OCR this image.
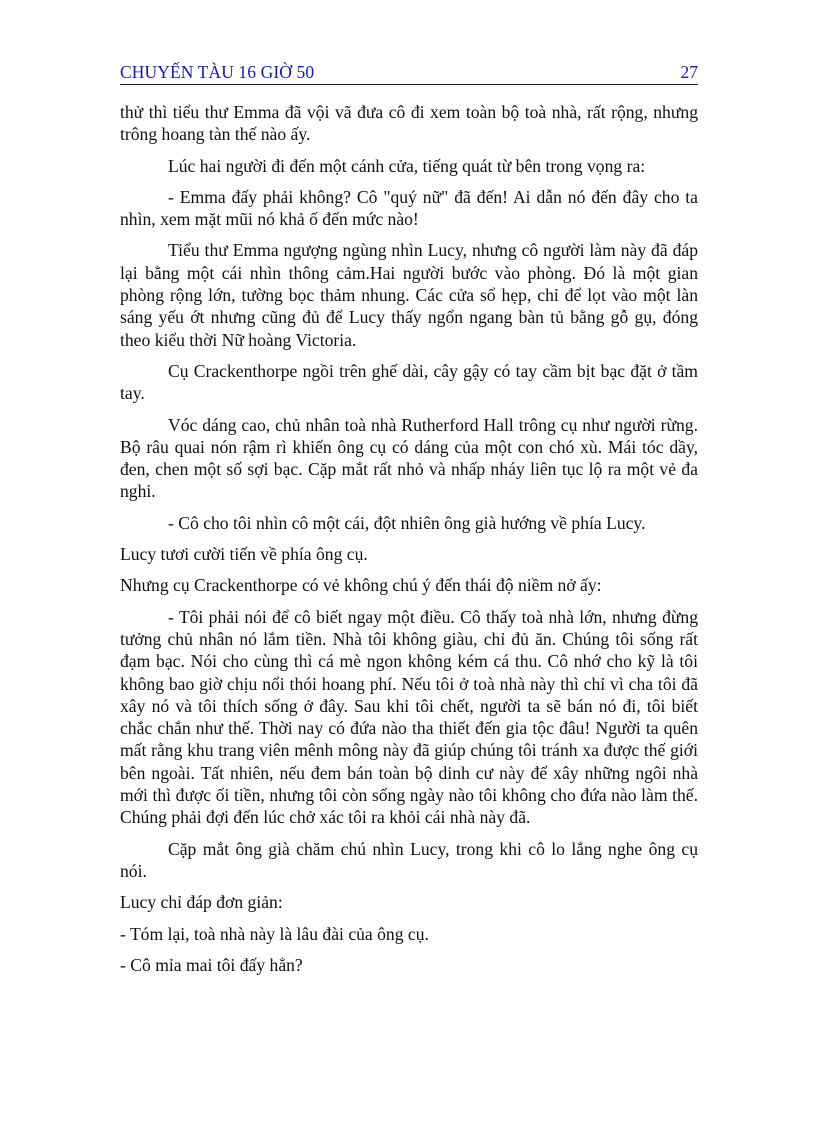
CHUYẾN TÀU 16 GIỜ 50	27

thử thì tiểu thư Emma đã vội vã đưa cô đi xem toàn bộ toà nhà, rất rộng, nhưng trông hoang tàn thế nào ấy.

Lúc hai người đi đến một cánh cửa, tiếng quát từ bên trong vọng ra:

- Emma đấy phải không? Cô "quý nữ" đã đến! Ai dẫn nó đến đây cho ta nhìn, xem mặt mũi nó khả ố đến mức nào!

Tiểu thư Emma ngượng ngùng nhìn Lucy, nhưng cô người làm này đã đáp lại bằng một cái nhìn thông cảm.Hai người bước vào phòng. Đó là một gian phòng rộng lớn, tường bọc thảm nhung. Các cửa sổ hẹp, chỉ để lọt vào một làn sáng yếu ớt nhưng cũng đủ để Lucy thấy ngổn ngang bàn tủ bằng gỗ gụ, đóng theo kiểu thời Nữ hoàng Victoria.

Cụ Crackenthorpe ngồi trên ghế dài, cây gậy có tay cầm bịt bạc đặt ở tầm tay.

Vóc dáng cao, chủ nhân toà nhà Rutherford Hall trông cụ như người rừng. Bộ râu quai nón rậm rì khiến ông cụ có dáng của một con chó xù. Mái tóc dầy, đen, chen một số sợi bạc. Cặp mắt rất nhỏ và nhấp nháy liên tục lộ ra một vẻ đa nghi.

- Cô cho tôi nhìn cô một cái, đột nhiên ông già hướng về phía Lucy.

Lucy tươi cười tiến về phía ông cụ.

Nhưng cụ Crackenthorpe có vẻ không chú ý đến thái độ niềm nở ấy:

- Tôi phải nói để cô biết ngay một điều. Cô thấy toà nhà lớn, nhưng đừng tưởng chủ nhân nó lắm tiền. Nhà tôi không giàu, chỉ đủ ăn. Chúng tôi sống rất đạm bạc. Nói cho cùng thì cá mè ngon không kém cá thu. Cô nhớ cho kỹ là tôi không bao giờ chịu nổi thói hoang phí. Nếu tôi ở toà nhà này thì chỉ vì cha tôi đã xây nó và tôi thích sống ở đây. Sau khi tôi chết, người ta sẽ bán nó đi, tôi biết chắc chắn như thế. Thời nay có đứa nào tha thiết đến gia tộc đâu! Người ta quên mất rằng khu trang viên mênh mông này đã giúp chúng tôi tránh xa được thế giới bên ngoài. Tất nhiên, nếu đem bán toàn bộ dinh cư này để xây những ngôi nhà mới thì được ối tiền, nhưng tôi còn sống ngày nào tôi không cho đứa nào làm thế. Chúng phải đợi đến lúc chở xác tôi ra khỏi cái nhà này đã.

Cặp mắt ông già chăm chú nhìn Lucy, trong khi cô lo lắng nghe ông cụ nói.

Lucy chỉ đáp đơn giản:

- Tóm lại, toà nhà này là lâu đài của ông cụ.

- Cô mỉa mai tôi đấy hẳn?
